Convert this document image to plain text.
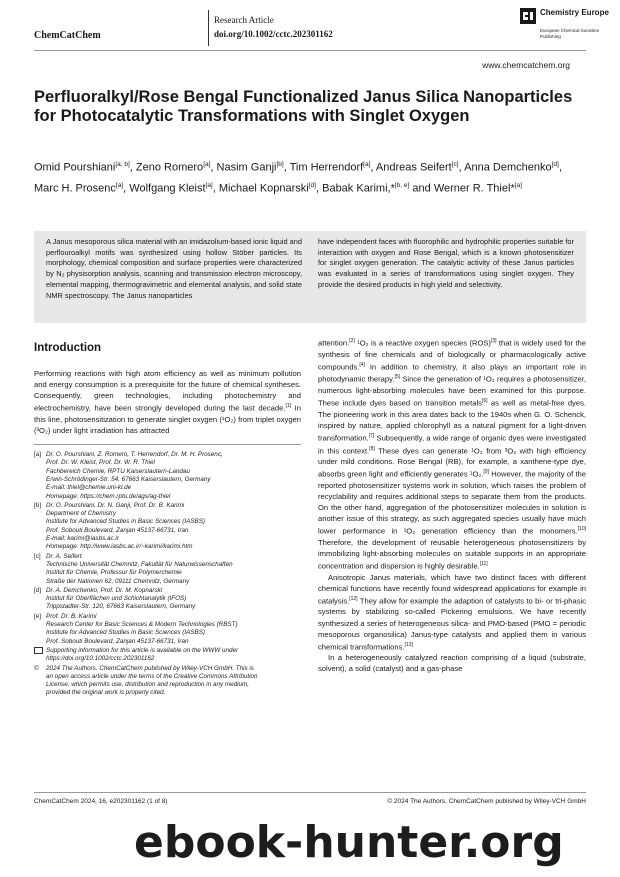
ChemCatChem
Research Article
doi.org/10.1002/cctc.202301162
Chemistry Europe
European Chemical Societies Publishing
www.chemcatchem.org
Perfluoralkyl/Rose Bengal Functionalized Janus Silica Nanoparticles for Photocatalytic Transformations with Singlet Oxygen
Omid Pourshiani[a, b], Zeno Romero[a], Nasim Ganji[b], Tim Herrendorf[a], Andreas Seifert[c], Anna Demchenko[d], Marc H. Prosenc[a], Wolfgang Kleist[a], Michael Kopnarski[d], Babak Karimi,*[b, e] and Werner R. Thiel*[a]
A Janus mesoporous silica material with an imidazolium-based ionic liquid and perflouroalkyl motifs was synthesized using hollow Stöber particles. Its morphology, chemical composition and surface properties were characterized by N₂ physisorption analysis, scanning and transmission electron microscopy, elemental mapping, thermogravimetric and elemental analysis, and solid state NMR spectroscopy. The Janus nanoparticles
have independent faces with fluorophilic and hydrophilic properties suitable for interaction with oxygen and Rose Bengal, which is a known photosensitizer for singlet oxygen generation. The catalytic activity of these Janus particles was evaluated in a series of transformations using singlet oxygen. They provide the desired products in high yield and selectivity.
Introduction

Performing reactions with high atom efficiency as well as minimum pollution and energy consumption is a prerequisite for the future of chemical syntheses. Consequently, green technologies, including photochemistry and electrochemistry, have been strongly developed during the last decade.[1] In this line, photosensitization to generate singlet oxygen (¹O₂) from triplet oxygen (³O₂) under light irradiation has attracted

[a] Dr. O. Pourshiani, Z. Romero, T. Herrendorf, Dr. M. H. Prosenc,
Prof. Dr. W. Kleist, Prof. Dr. W. R. Thiel
Fachbereich Chemie, RPTU Kaiserslautern-Landau
Erwin-Schrödinger-Str. 54, 67663 Kaiserslautern, Germany
E-mail: thiel@chemie.uni-kl.de
Homepage: https://chem.rptu.de/ags/ag-thiel
[b] Dr. O. Pourshiani, Dr. N. Ganji, Prof. Dr. B. Karimi
Department of Chemistry
Institute for Advanced Studies in Basic Sciences (IASBS)
Prof. Sobouti Boulevard, Zanjan 45137-66731, Iran
E-mail: karimi@iasbs.ac.ir
Homepage: http://www.iasbs.ac.ir/~karimi/karimi.htm
[c] Dr. A. Seifert
Technische Universität Chemnitz, Fakultät für Naturwissenschaften
Institut für Chemie, Professur für Polymerchemie
Straße der Nationen 62, 09111 Chemnitz, Germany
[d] Dr. A. Demchenko, Prof. Dr. M. Kopnarski
Institut für Oberflächen und Schichtanalytik (IFOS)
Trippstadter-Str. 120, 67663 Kaiserslautern, Germany
[e] Prof. Dr. B. Karimi
Research Center for Basic Sciences & Modern Technologies (RBST)
Institute for Advanced Studies in Basic Sciences (IASBS)
Prof. Sobouti Boulevard, Zanjan 45137-66731, Iran
Supporting information for this article is available on the WWW under
https://doi.org/10.1002/cctc.202301162
©	2024 The Authors. ChemCatChem published by Wiley-VCH GmbH. This is
an open access article under the terms of the Creative Commons Attribution
License, which permits use, distribution and reproduction in any medium,
provided the original work is properly cited.

attention.[2] ¹O₂ is a reactive oxygen species (ROS)[3] that is widely used for the synthesis of fine chemicals and of biologically or pharmacologically active compounds.[4] In addition to chemistry, it also plays an important role in photodynamic therapy.[5] Since the generation of ¹O₂ requires a photosensitizer, numerous light-absorbing molecules have been examined for this purpose. These include dyes based on transition metals[6] as well as metal-free dyes. The pioneering work in this area dates back to the 1940s when G. O. Schenck, inspired by nature, applied chlorophyll as a natural pigment for a light-driven transformation.[7] Subsequently, a wide range of organic dyes were investigated in this context.[8] These dyes can generate ¹O₂ from ³O₂ with high efficiency under mild conditions. Rose Bengal (RB), for example, a xanthene-type dye, absorbs green light and efficiently generates ¹O₂.[9] However, the majority of the reported photosensitizer systems work in solution, which raises the problem of recyclability and requires additional steps to separate them from the products. On the other hand, aggregation of the photosensitizer molecules in solution is another issue of this strategy, as such aggregated species usually have much lower performance in ¹O₂ generation efficiency than the monomers.[10] Therefore, the development of reusable heterogeneous photosensitizers by immobilizing light-absorbing molecules on suitable supports in an appropriate concentration and dispersion is highly desirable.[11]

Anisotropic Janus materials, which have two distinct faces with different chemical functions have recently found widespread applications for example in catalysis.[12] They allow for example the adaption of catalysts to bi- or tri-phasic systems by stabilizing so-called Pickering emulsions. We have recently synthesized a series of heterogeneous silica- and PMO-based (PMO = periodic mesoporous organosilica) Janus-type catalysts and applied them in various chemical transformations.[13]

In a heterogeneously catalyzed reaction comprising of a liquid (substrate, solvent), a solid (catalyst) and a gas-phase

ChemCatChem 2024, 16, e202301162 (1 of 8)	© 2024 The Authors. ChemCatChem published by Wiley-VCH GmbH
ebook-hunter.org
